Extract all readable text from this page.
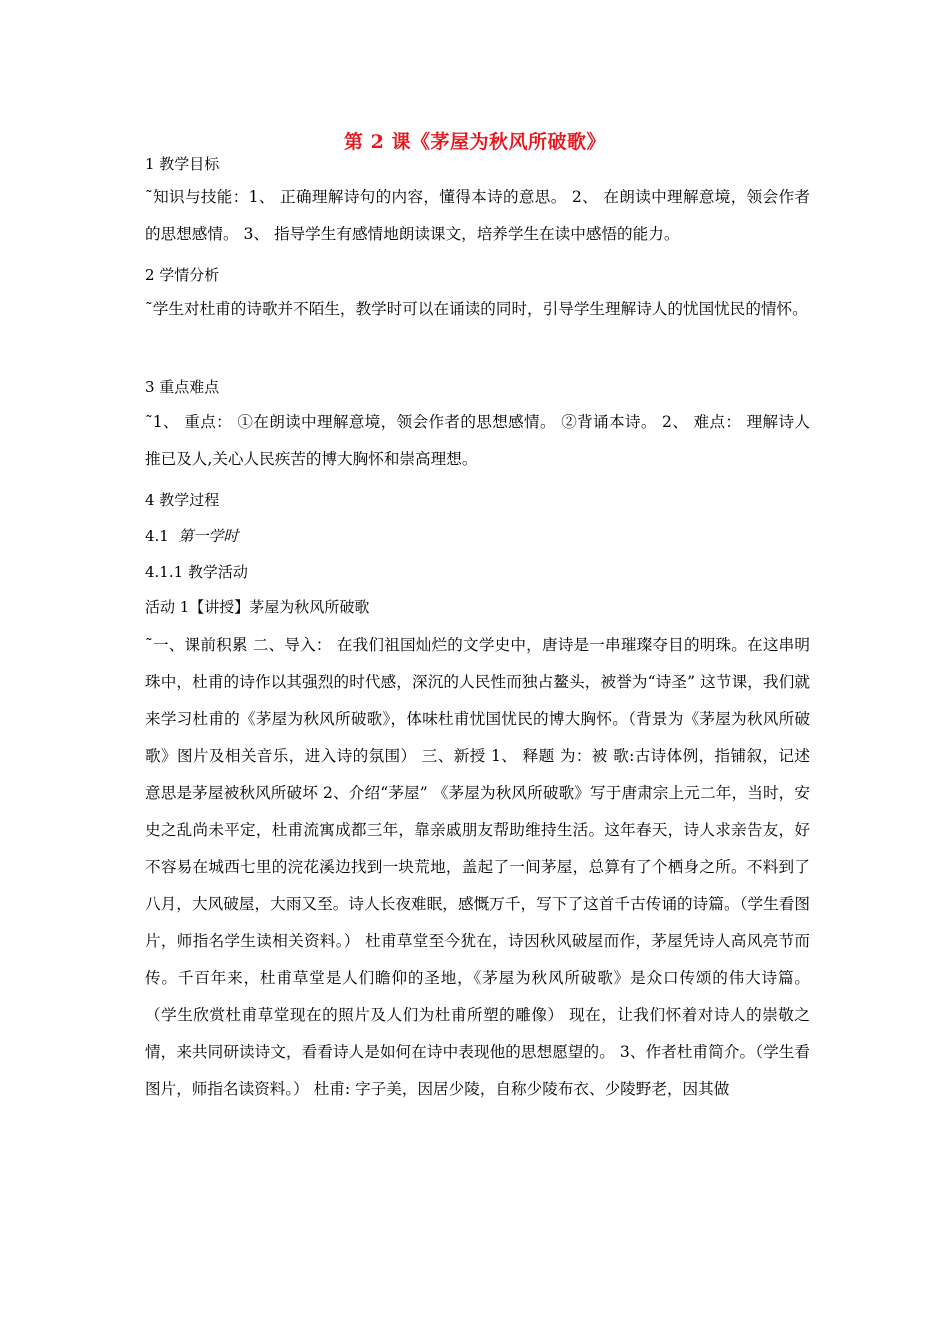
第 2 课《茅屋为秋风所破歌》
1 教学目标
˜知识与技能：1、 正确理解诗句的内容，懂得本诗的意思。 2、 在朗读中理解意境，领会作者的思想感情。 3、 指导学生有感情地朗读课文，培养学生在读中感悟的能力。
2 学情分析
˜学生对杜甫的诗歌并不陌生，教学时可以在诵读的同时，引导学生理解诗人的忧国忧民的情怀。
3 重点难点
˜1、 重点： ①在朗读中理解意境，领会作者的思想感情。 ②背诵本诗。 2、 难点： 理解诗人推已及人,关心人民疾苦的博大胸怀和崇高理想。
4 教学过程
4.1 第一学时
4.1.1 教学活动
活动 1【讲授】茅屋为秋风所破歌
˜一、课前积累 二、导入： 在我们祖国灿烂的文学史中，唐诗是一串璀璨夺目的明珠。在这串明珠中，杜甫的诗作以其强烈的时代感，深沉的人民性而独占鳌头，被誉为“诗圣” 这节课，我们就来学习杜甫的《茅屋为秋风所破歌》，体味杜甫忧国忧民的博大胸怀。（背景为《茅屋为秋风所破歌》图片及相关音乐，进入诗的氛围） 三、新授 1、 释题 为：被 歌:古诗体例，指铺叙，记述 意思是茅屋被秋风所破坏 2、介绍“茅屋” 《茅屋为秋风所破歌》写于唐肃宗上元二年，当时，安史之乱尚未平定，杜甫流寓成都三年，靠亲戚朋友帮助维持生活。这年春天，诗人求亲告友，好不容易在城西七里的浣花溪边找到一块荒地，盖起了一间茅屋，总算有了个栖身之所。不料到了八月，大风破屋，大雨又至。诗人长夜难眠，感慨万千，写下了这首千古传诵的诗篇。（学生看图片，师指名学生读相关资料。） 杜甫草堂至今犹在，诗因秋风破屋而作，茅屋凭诗人高风亮节而传。千百年来，杜甫草堂是人们瞻仰的圣地，《茅屋为秋风所破歌》是众口传颂的伟大诗篇。 （学生欣赏杜甫草堂现在的照片及人们为杜甫所塑的雕像） 现在，让我们怀着对诗人的崇敬之情，来共同研读诗文，看看诗人是如何在诗中表现他的思想愿望的。 3、作者杜甫简介。（学生看图片，师指名读资料。） 杜甫: 字子美，因居少陵，自称少陵布衣、少陵野老，因其做
